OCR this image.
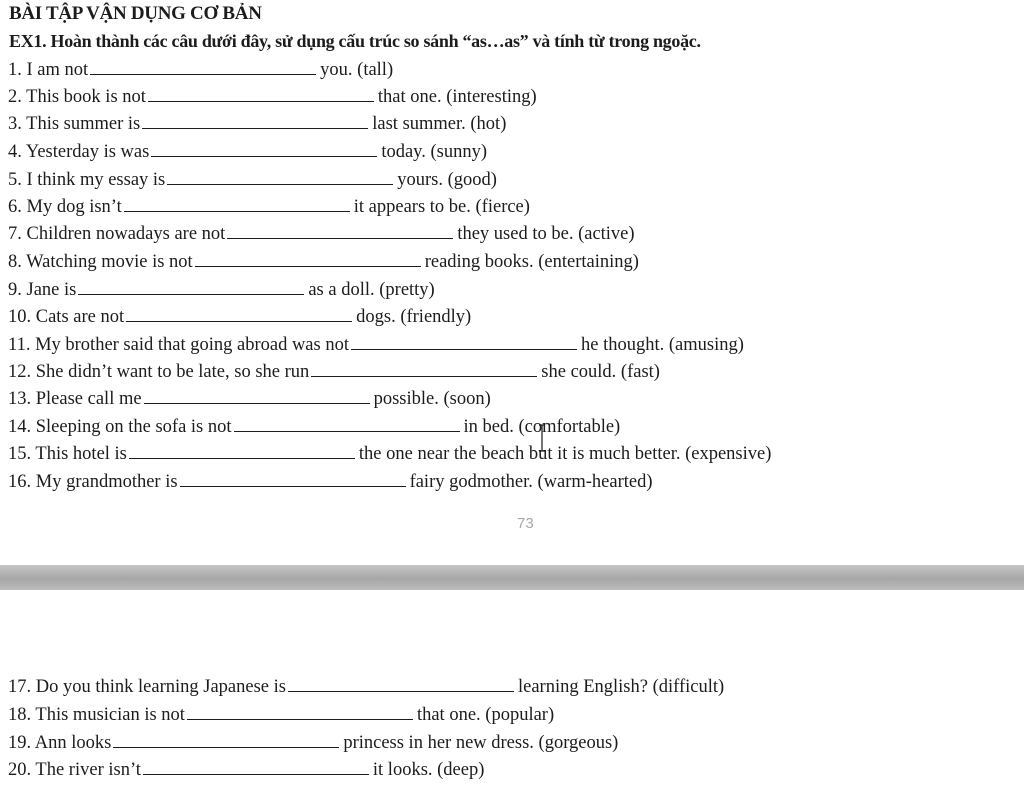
BÀI TẬP VẬN DỤNG CƠ BẢN
EX1. Hoàn thành các câu dưới đây, sử dụng cấu trúc so sánh “as…as” và tính từ trong ngoặc.
1. I am not	you. (tall)
2. This book is not	that one. (interesting)
3. This summer is	last summer. (hot)
4. Yesterday is was	today. (sunny)
5. I think my essay is	yours. (good)
6. My dog isn’t	it appears to be. (fierce)
7. Children nowadays are not	they used to be. (active)
8. Watching movie is not	reading books. (entertaining)
9. Jane is	as a doll. (pretty)
10. Cats are not	dogs. (friendly)
11. My brother said that going abroad was not	he thought. (amusing)
12. She didn’t want to be late, so she run	she could. (fast)
13. Please call me	possible. (soon)
14. Sleeping on the sofa is not	in bed. (comfortable)
15. This hotel is	the one near the beach but it is much better. (expensive)
16. My grandmother is	fairy godmother. (warm-hearted)
73
17. Do you think learning Japanese is	learning English? (difficult)
18. This musician is not	that one. (popular)
19. Ann looks	princess in her new dress. (gorgeous)
20. The river isn’t	it looks. (deep)
